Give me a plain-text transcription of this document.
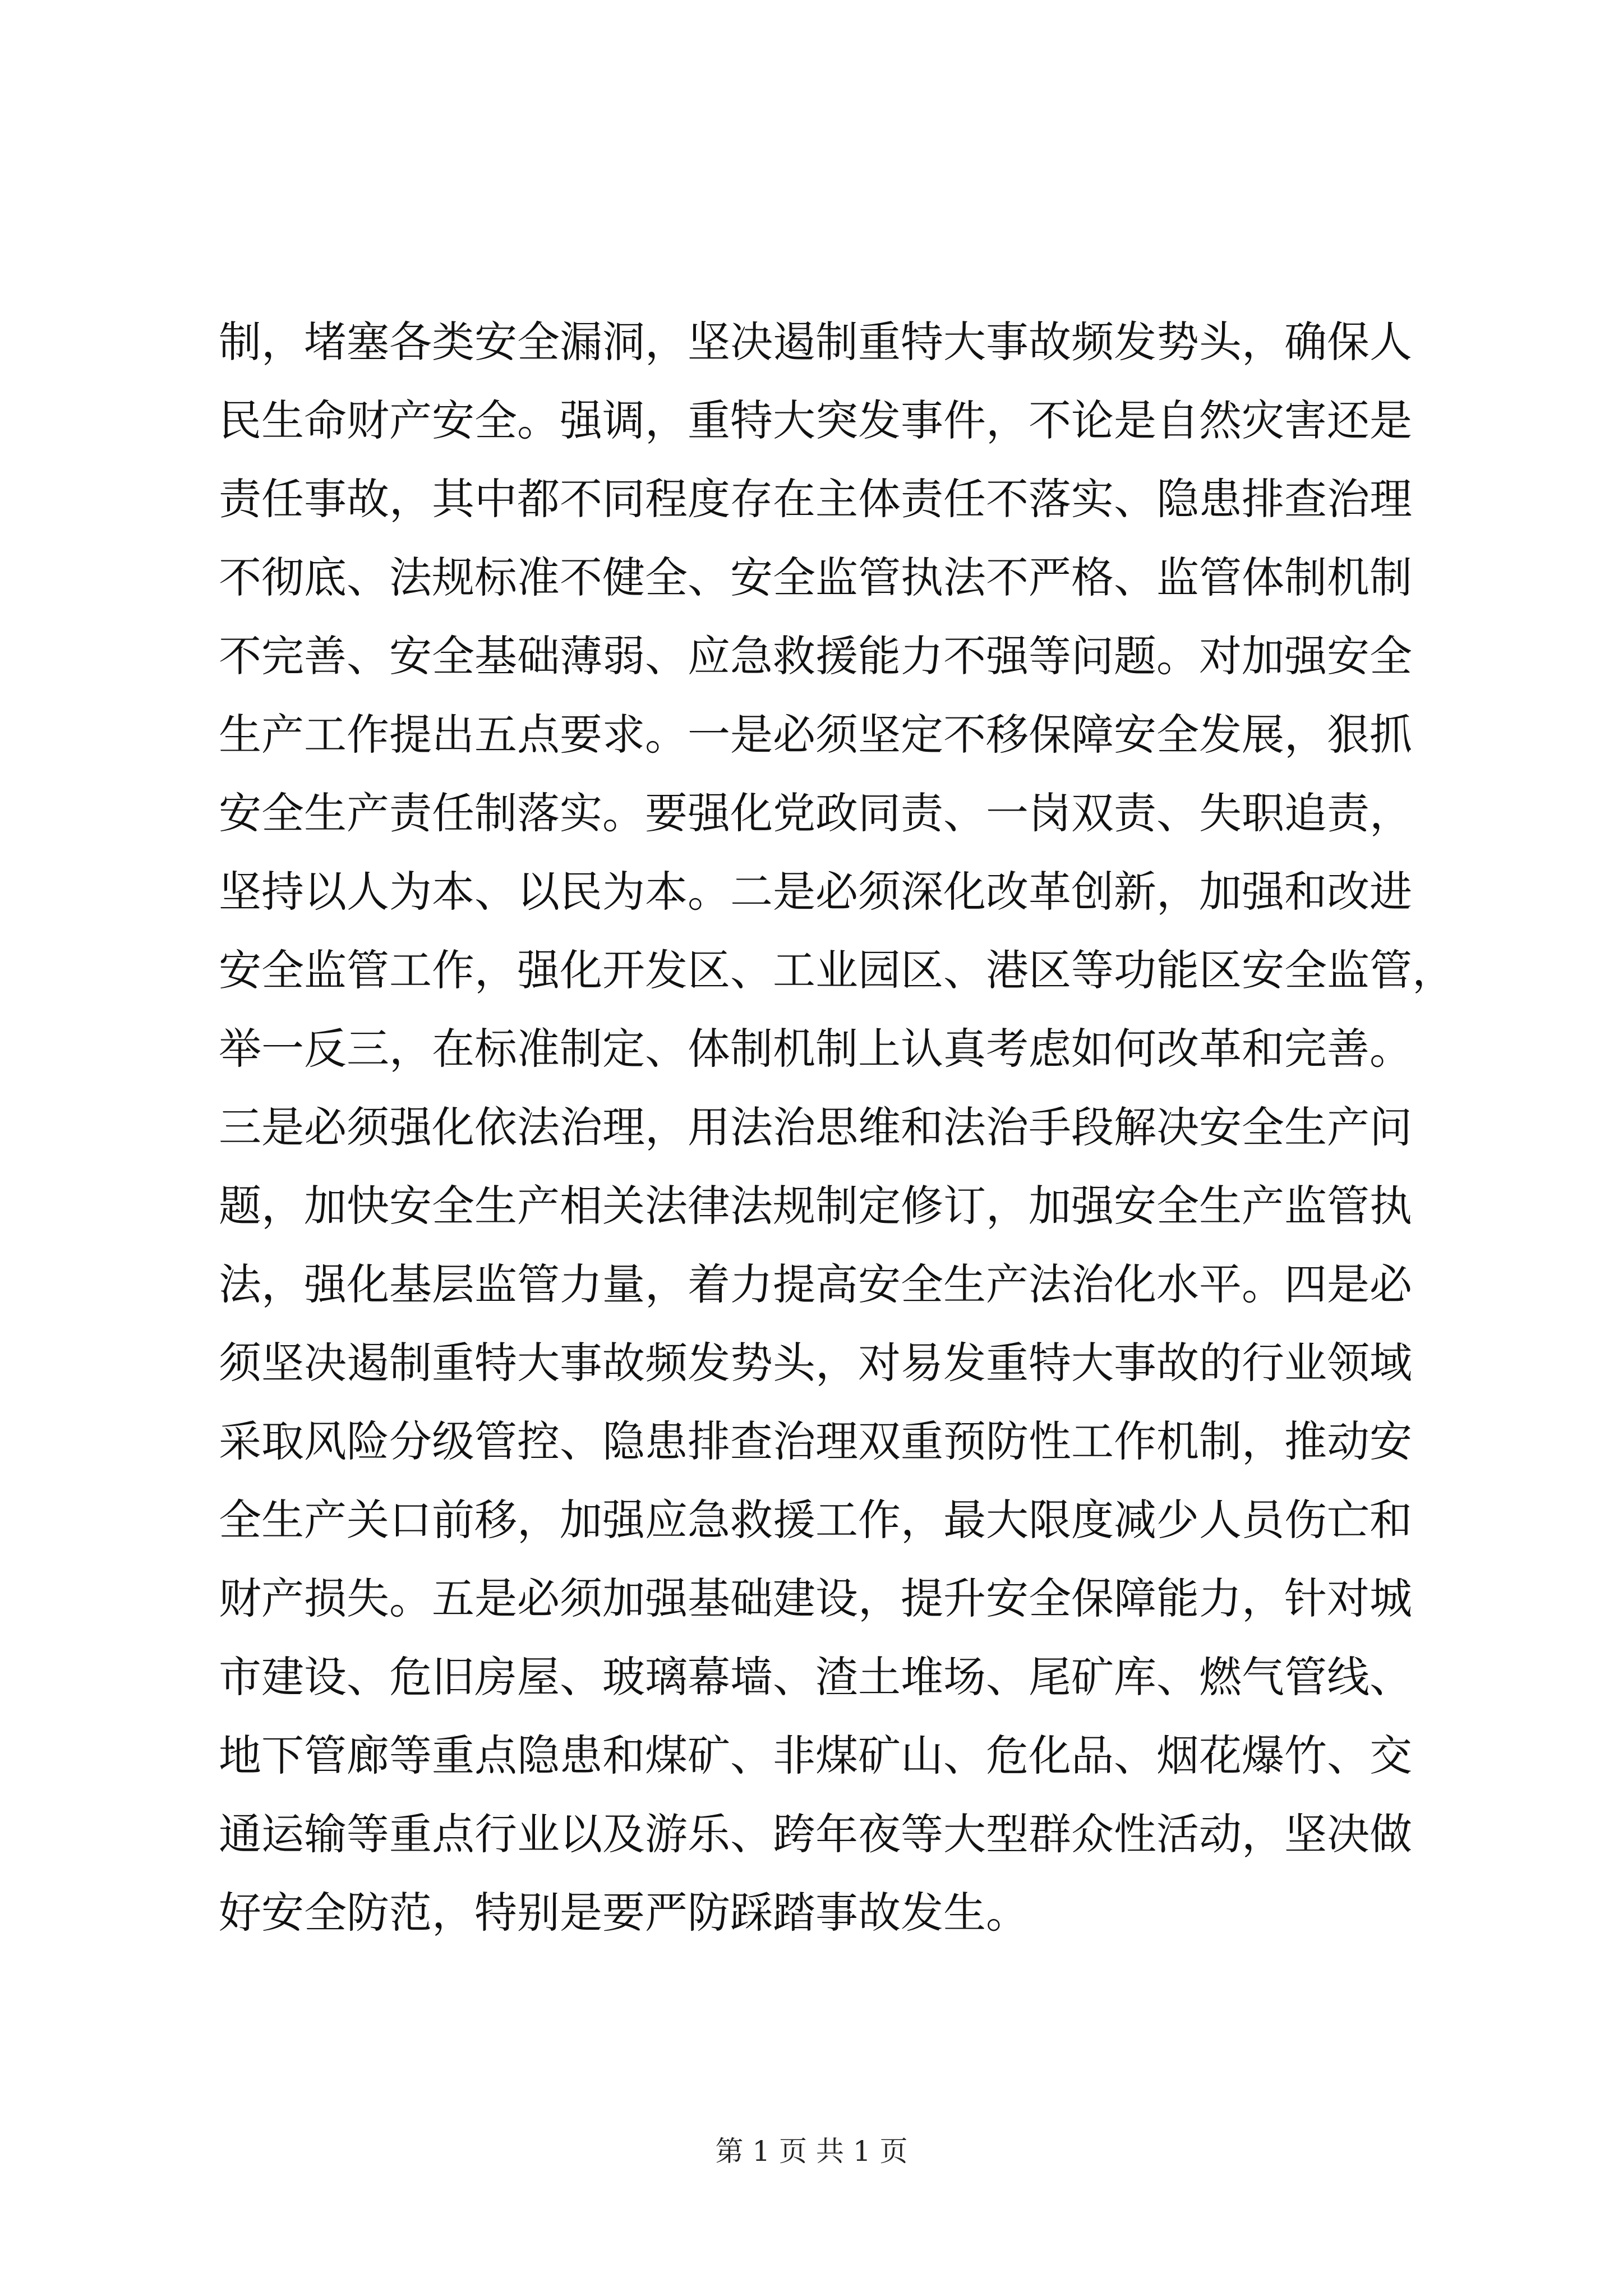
制，堵塞各类安全漏洞，坚决遏制重特大事故频发势头，确保人
民生命财产安全。强调，重特大突发事件，不论是自然灾害还是
责任事故，其中都不同程度存在主体责任不落实、隐患排查治理
不彻底、法规标准不健全、安全监管执法不严格、监管体制机制
不完善、安全基础薄弱、应急救援能力不强等问题。对加强安全
生产工作提出五点要求。一是必须坚定不移保障安全发展，狠抓
安全生产责任制落实。要强化党政同责、一岗双责、失职追责，
坚持以人为本、以民为本。二是必须深化改革创新，加强和改进
安全监管工作，强化开发区、工业园区、港区等功能区安全监管，
举一反三，在标准制定、体制机制上认真考虑如何改革和完善。
三是必须强化依法治理，用法治思维和法治手段解决安全生产问
题，加快安全生产相关法律法规制定修订，加强安全生产监管执
法，强化基层监管力量，着力提高安全生产法治化水平。四是必
须坚决遏制重特大事故频发势头，对易发重特大事故的行业领域
采取风险分级管控、隐患排查治理双重预防性工作机制，推动安
全生产关口前移，加强应急救援工作，最大限度减少人员伤亡和
财产损失。五是必须加强基础建设，提升安全保障能力，针对城
市建设、危旧房屋、玻璃幕墙、渣土堆场、尾矿库、燃气管线、
地下管廊等重点隐患和煤矿、非煤矿山、危化品、烟花爆竹、交
通运输等重点行业以及游乐、跨年夜等大型群众性活动，坚决做
好安全防范，特别是要严防踩踏事故发生。
第 1 页 共 1 页
